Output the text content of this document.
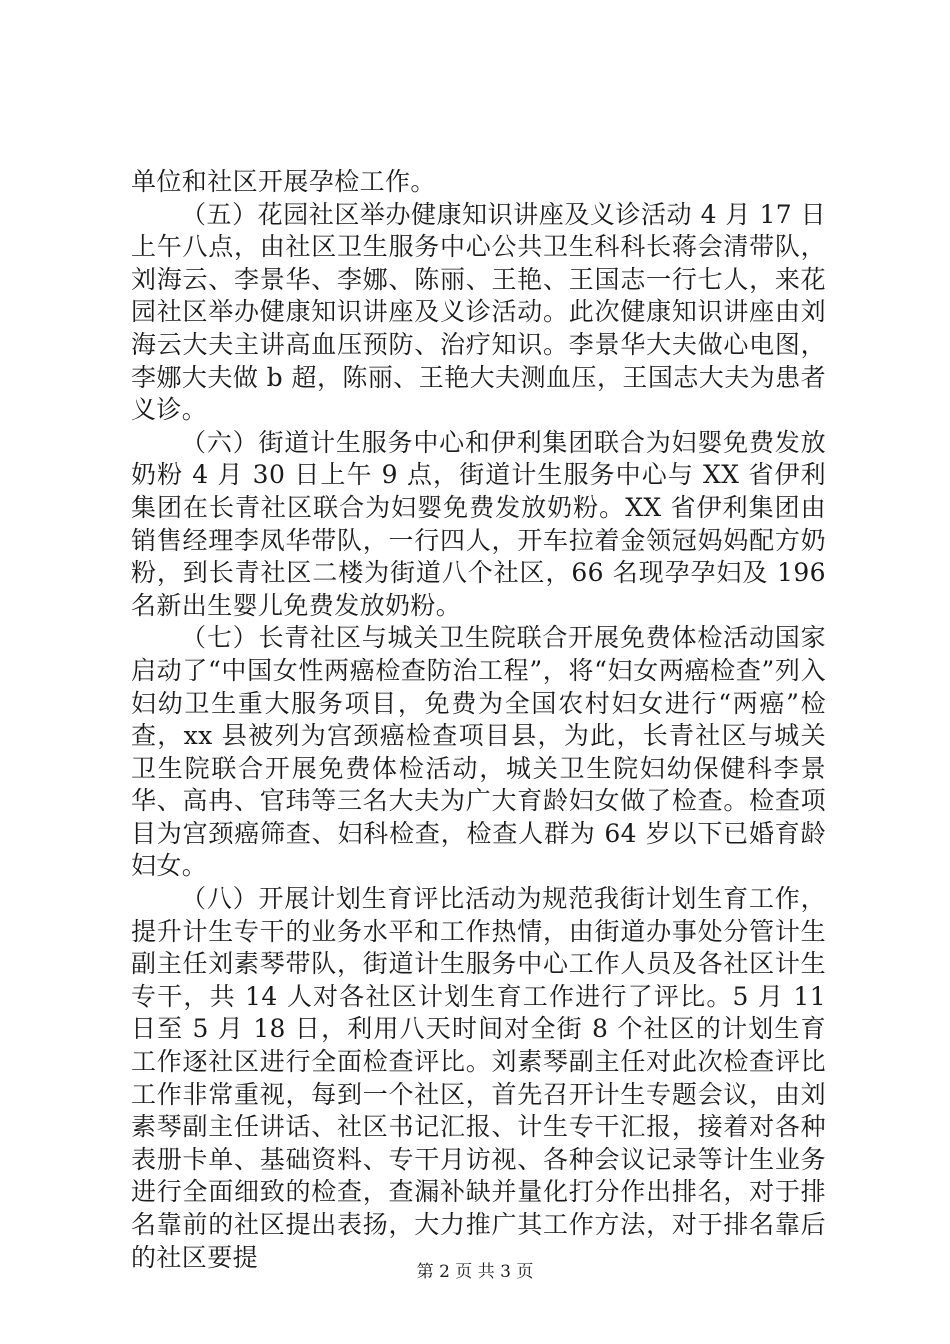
单位和社区开展孕检工作。

（五）花园社区举办健康知识讲座及义诊活动 4 月 17 日上午八点，由社区卫生服务中心公共卫生科科长蒋会清带队，刘海云、李景华、李娜、陈丽、王艳、王国志一行七人，来花园社区举办健康知识讲座及义诊活动。此次健康知识讲座由刘海云大夫主讲高血压预防、治疗知识。李景华大夫做心电图，李娜大夫做 b 超，陈丽、王艳大夫测血压，王国志大夫为患者义诊。

（六）街道计生服务中心和伊利集团联合为妇婴免费发放奶粉 4 月 30 日上午 9 点，街道计生服务中心与 XX 省伊利集团在长青社区联合为妇婴免费发放奶粉。XX 省伊利集团由销售经理李凤华带队，一行四人，开车拉着金领冠妈妈配方奶粉，到长青社区二楼为街道八个社区，66 名现孕孕妇及 196 名新出生婴儿免费发放奶粉。

（七）长青社区与城关卫生院联合开展免费体检活动国家启动了“中国女性两癌检查防治工程”，将“妇女两癌检查”列入妇幼卫生重大服务项目，免费为全国农村妇女进行“两癌”检查，xx 县被列为宫颈癌检查项目县，为此，长青社区与城关卫生院联合开展免费体检活动，城关卫生院妇幼保健科李景华、高冉、官玮等三名大夫为广大育龄妇女做了检查。检查项目为宫颈癌筛查、妇科检查，检查人群为 64 岁以下已婚育龄妇女。

（八）开展计划生育评比活动为规范我街计划生育工作，提升计生专干的业务水平和工作热情，由街道办事处分管计生副主任刘素琴带队，街道计生服务中心工作人员及各社区计生专干，共 14 人对各社区计划生育工作进行了评比。5 月 11 日至 5 月 18 日，利用八天时间对全街 8 个社区的计划生育工作逐社区进行全面检查评比。刘素琴副主任对此次检查评比工作非常重视，每到一个社区，首先召开计生专题会议，由刘素琴副主任讲话、社区书记汇报、计生专干汇报，接着对各种表册卡单、基础资料、专干月访视、各种会议记录等计生业务进行全面细致的检查，查漏补缺并量化打分作出排名，对于排名靠前的社区提出表扬，大力推广其工作方法，对于排名靠后的社区要提

第 2 页 共 3 页
